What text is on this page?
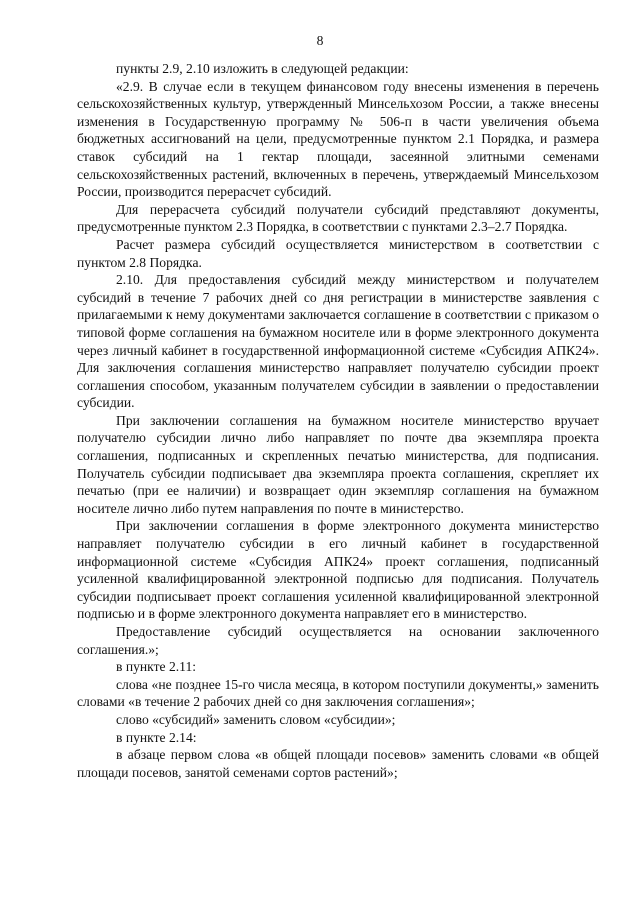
8

пункты 2.9, 2.10 изложить в следующей редакции:

«2.9. В случае если в текущем финансовом году внесены изменения в перечень сельскохозяйственных культур, утвержденный Минсельхозом России, а также внесены изменения в Государственную программу № 506-п в части увеличения объема бюджетных ассигнований на цели, предусмотренные пунктом 2.1 Порядка, и размера ставок субсидий на 1 гектар площади, засеянной элитными семенами сельскохозяйственных растений, включенных в перечень, утверждаемый Минсельхозом России, производится перерасчет субсидий.

Для перерасчета субсидий получатели субсидий представляют документы, предусмотренные пунктом 2.3 Порядка, в соответствии с пунктами 2.3–2.7 Порядка.

Расчет размера субсидий осуществляется министерством в соответствии с пунктом 2.8 Порядка.

2.10. Для предоставления субсидий между министерством и получателем субсидий в течение 7 рабочих дней со дня регистрации в министерстве заявления с прилагаемыми к нему документами заключается соглашение в соответствии с приказом о типовой форме соглашения на бумажном носителе или в форме электронного документа через личный кабинет в государственной информационной системе «Субсидия АПК24». Для заключения соглашения министерство направляет получателю субсидии проект соглашения способом, указанным получателем субсидии в заявлении о предоставлении субсидии.

При заключении соглашения на бумажном носителе министерство вручает получателю субсидии лично либо направляет по почте два экземпляра проекта соглашения, подписанных и скрепленных печатью министерства, для подписания. Получатель субсидии подписывает два экземпляра проекта соглашения, скрепляет их печатью (при ее наличии) и возвращает один экземпляр соглашения на бумажном носителе лично либо путем направления по почте в министерство.

При заключении соглашения в форме электронного документа министерство направляет получателю субсидии в его личный кабинет в государственной информационной системе «Субсидия АПК24» проект соглашения, подписанный усиленной квалифицированной электронной подписью для подписания. Получатель субсидии подписывает проект соглашения усиленной квалифицированной электронной подписью и в форме электронного документа направляет его в министерство.

Предоставление субсидий осуществляется на основании заключенного соглашения.»;

в пункте 2.11:

слова «не позднее 15-го числа месяца, в котором поступили документы,» заменить словами «в течение 2 рабочих дней со дня заключения соглашения»;

слово «субсидий» заменить словом «субсидии»;

в пункте 2.14:

в абзаце первом слова «в общей площади посевов» заменить словами «в общей площади посевов, занятой семенами сортов растений»;
